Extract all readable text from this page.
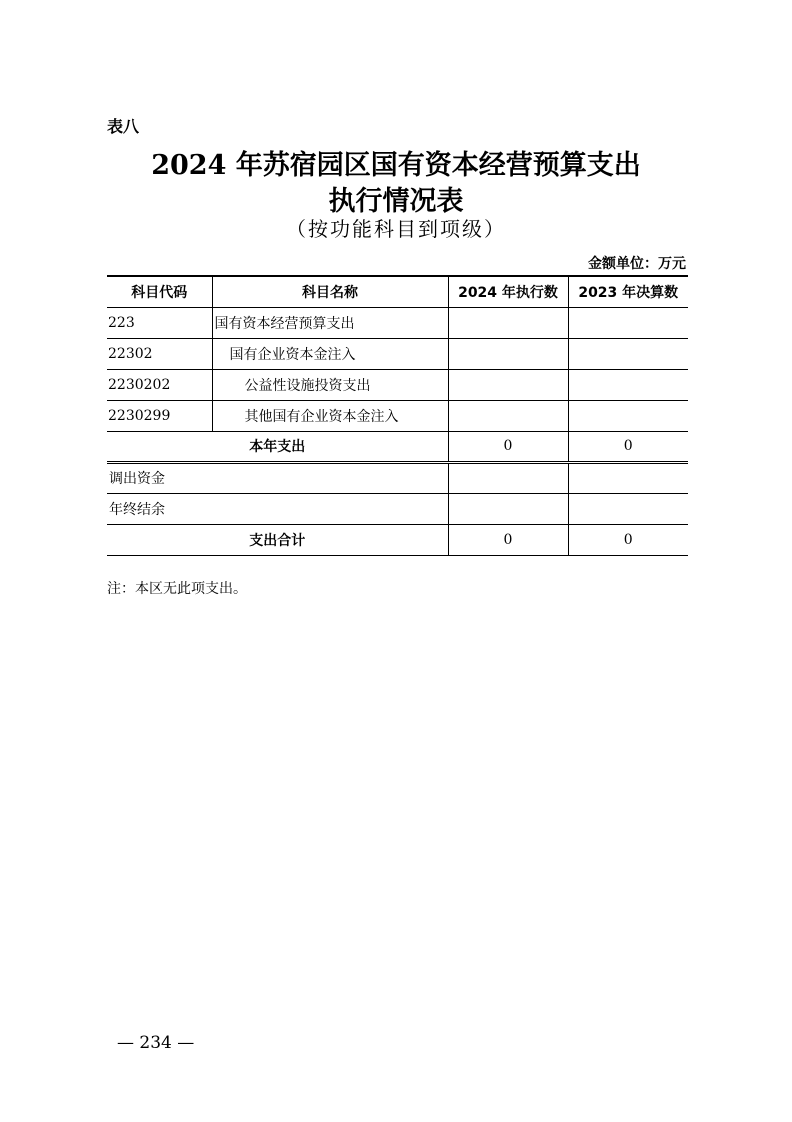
表八
2024 年苏宿园区国有资本经营预算支出
执行情况表
（按功能科目到项级）
金额单位：万元
科目代码	科目名称	2024 年执行数	2023 年决算数
223	国有资本经营预算支出		
22302	国有企业资本金注入		
2230202	公益性设施投资支出		
2230299	其他国有企业资本金注入		
本年支出		0	0
调出资金			
年终结余			
支出合计		0	0
注：本区无此项支出。
— 234 —
